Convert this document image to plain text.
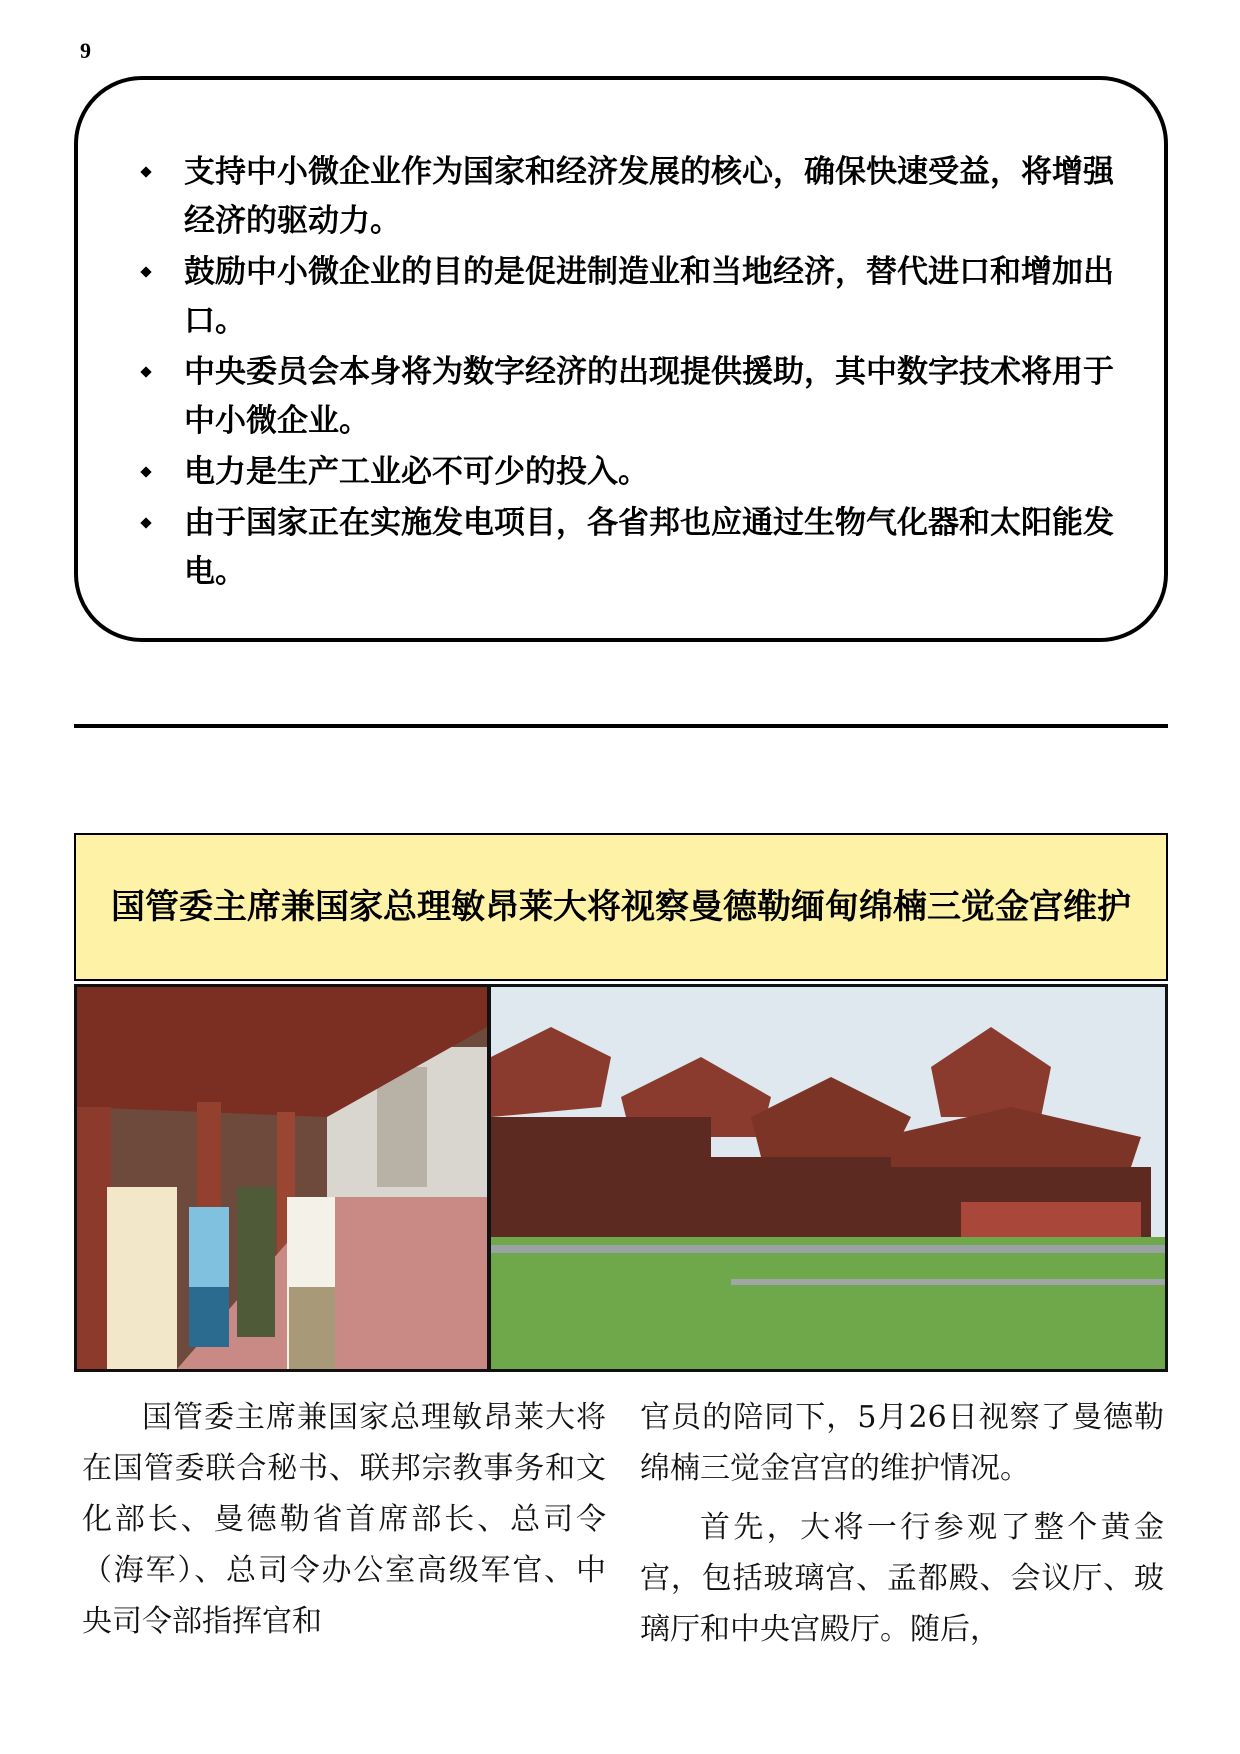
9
支持中小微企业作为国家和经济发展的核心，确保快速受益，将增强经济的驱动力。
鼓励中小微企业的目的是促进制造业和当地经济，替代进口和增加出口。
中央委员会本身将为数字经济的出现提供援助，其中数字技术将用于中小微企业。
电力是生产工业必不可少的投入。
由于国家正在实施发电项目，各省邦也应通过生物气化器和太阳能发电。
国管委主席兼国家总理敏昂莱大将视察曼德勒缅甸绵楠三觉金宫维护

国管委主席兼国家总理敏昂莱大将在国管委联合秘书、联邦宗教事务和文化部长、曼德勒省首席部长、总司令（海军）、总司令办公室高级军官、中央司令部指挥官和

官员的陪同下，5月26日视察了曼德勒绵楠三觉金宫宫的维护情况。

首先，大将一行参观了整个黄金宫，包括玻璃宫、孟都殿、会议厅、玻璃厅和中央宫殿厅。随后，
